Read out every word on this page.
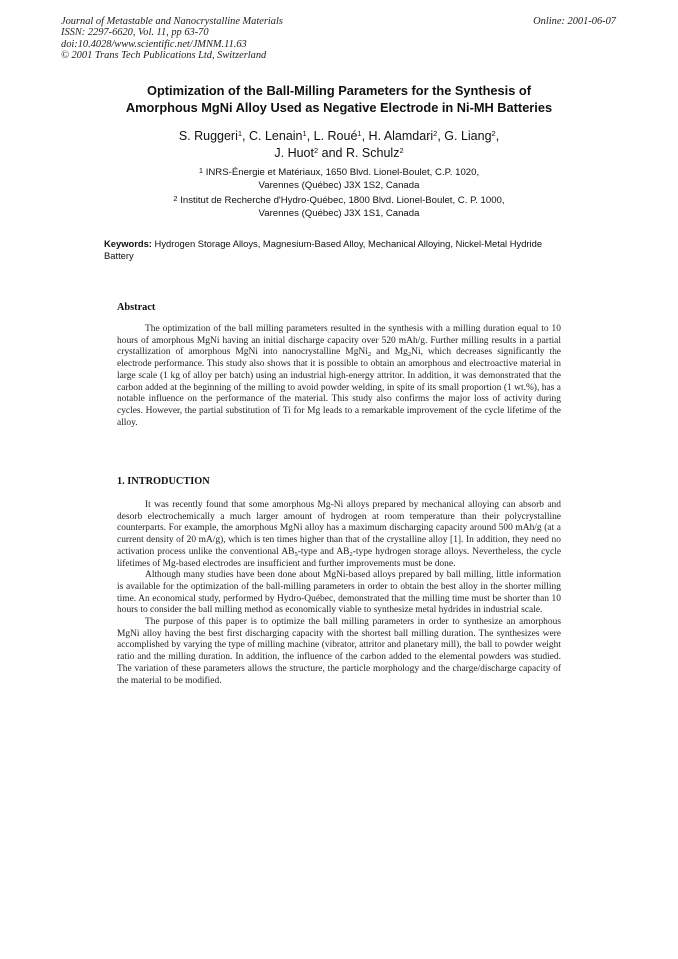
Journal of Metastable and Nanocrystalline Materials
ISSN: 2297-6620, Vol. 11, pp 63-70
doi:10.4028/www.scientific.net/JMNM.11.63
© 2001 Trans Tech Publications Ltd, Switzerland
Online: 2001-06-07
Optimization of the Ball-Milling Parameters for the Synthesis of
Amorphous MgNi Alloy Used as Negative Electrode in Ni-MH Batteries
S. Ruggeri$^1$, C. Lenain$^1$, L. Roué$^1$, H. Alamdari$^2$, G. Liang$^2$,
J. Huot$^2$ and R. Schulz$^2$
$^1$ INRS-Énergie et Matériaux, 1650 Blvd. Lionel-Boulet, C.P. 1020,
Varennes (Québec) J3X 1S2, Canada
$^2$ Institut de Recherche d'Hydro-Québec, 1800 Blvd. Lionel-Boulet, C. P. 1000,
Varennes (Québec) J3X 1S1, Canada
Keywords: Hydrogen Storage Alloys, Magnesium-Based Alloy, Mechanical Alloying, Nickel-Metal Hydride Battery
Abstract

The optimization of the ball milling parameters resulted in the synthesis with a milling duration equal to 10 hours of amorphous MgNi having an initial discharge capacity over 520 mAh/g. Further milling results in a partial crystallization of amorphous MgNi into nanocrystalline MgNi$_2$ and $Mg_2Ni$, which decreases significantly the electrode performance. This study also shows that it is possible to obtain an amorphous and electroactive material in large scale (1 kg of alloy per batch) using an industrial high-energy attritor. In addition, it was demonstrated that the carbon added at the beginning of the milling to avoid powder welding, in spite of its small proportion (1 wt.%), has a notable influence on the performance of the material. This study also confirms the major loss of activity during cycles. However, the partial substitution of Ti for Mg leads to a remarkable improvement of the cycle lifetime of the alloy.

1. INTRODUCTION

It was recently found that some amorphous Mg-Ni alloys prepared by mechanical alloying can absorb and desorb electrochemically a much larger amount of hydrogen at room temperature than their polycrystalline counterparts. For example, the amorphous MgNi alloy has a maximum discharging capacity around 500 mAh/g (at a current density of 20 mA/g), which is ten times higher than that of the crystalline alloy [1]. In addition, they need no activation process unlike the conventional $AB_5$-type and $AB_2$-type hydrogen storage alloys. Nevertheless, the cycle lifetimes of Mg-based electrodes are insufficient and further improvements must be done.

Although many studies have been done about MgNi-based alloys prepared by ball milling, little information is available for the optimization of the ball-milling parameters in order to obtain the best alloy in the shorter milling time. An economical study, performed by Hydro-Québec, demonstrated that the milling time must be shorter than 10 hours to consider the ball milling method as economically viable to synthesize metal hydrides in industrial scale.

The purpose of this paper is to optimize the ball milling parameters in order to synthesize an amorphous MgNi alloy having the best first discharging capacity with the shortest ball milling duration. The synthesizes were accomplished by varying the type of milling machine (vibrator, attritor and planetary mill), the ball to powder weight ratio and the milling duration. In addition, the influence of the carbon added to the elemental powders was studied. The variation of these parameters allows the structure, the particle morphology and the charge/discharge capacity of the material to be modified.
